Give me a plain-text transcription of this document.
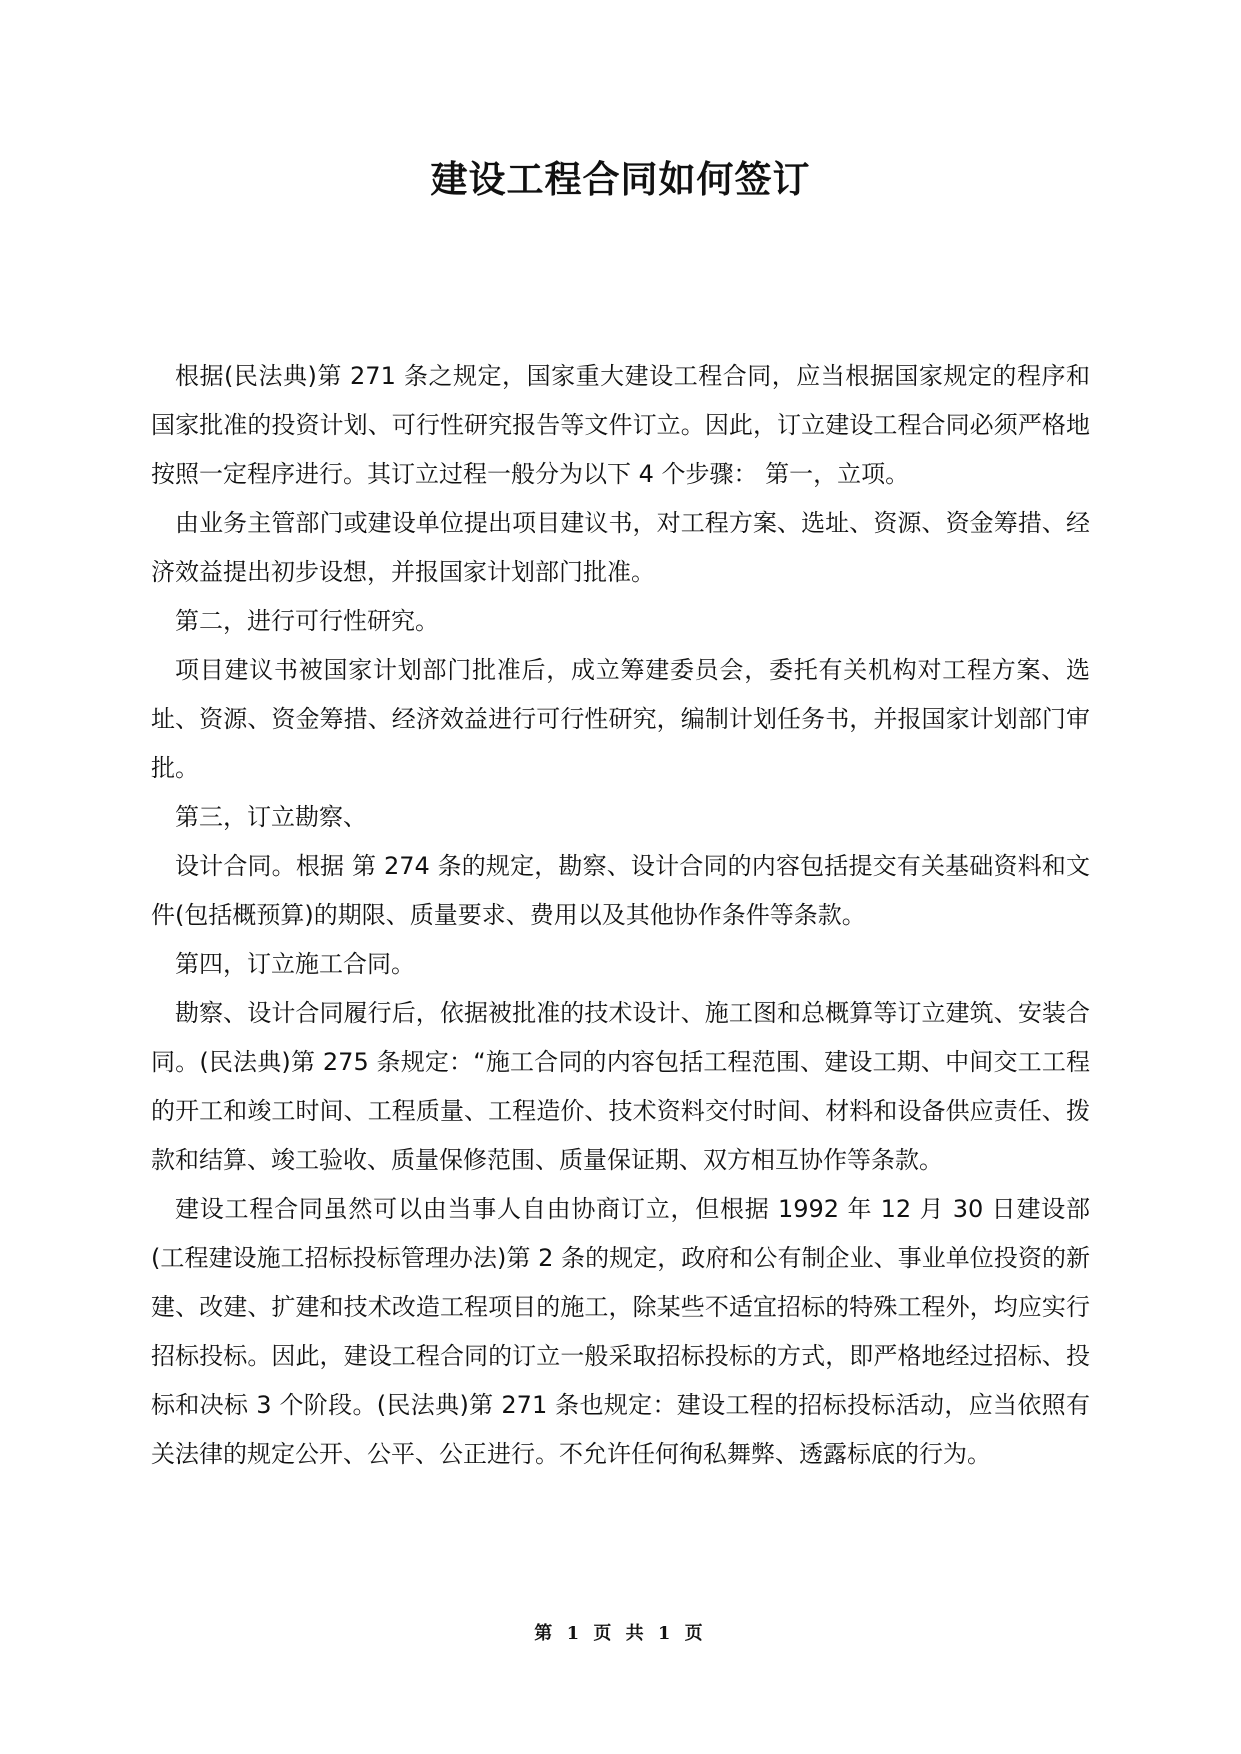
建设工程合同如何签订

根据(民法典)第 271 条之规定，国家重大建设工程合同，应当根据国家规定的程序和国家批准的投资计划、可行性研究报告等文件订立。因此，订立建设工程合同必须严格地按照一定程序进行。其订立过程一般分为以下 4 个步骤： 第一，立项。

由业务主管部门或建设单位提出项目建议书，对工程方案、选址、资源、资金筹措、经济效益提出初步设想，并报国家计划部门批准。

第二，进行可行性研究。

项目建议书被国家计划部门批准后，成立筹建委员会，委托有关机构对工程方案、选址、资源、资金筹措、经济效益进行可行性研究，编制计划任务书，并报国家计划部门审批。

第三，订立勘察、

设计合同。根据 第 274 条的规定，勘察、设计合同的内容包括提交有关基础资料和文件(包括概预算)的期限、质量要求、费用以及其他协作条件等条款。

第四，订立施工合同。

勘察、设计合同履行后，依据被批准的技术设计、施工图和总概算等订立建筑、安装合同。(民法典)第 275 条规定：“施工合同的内容包括工程范围、建设工期、中间交工工程的开工和竣工时间、工程质量、工程造价、技术资料交付时间、材料和设备供应责任、拨款和结算、竣工验收、质量保修范围、质量保证期、双方相互协作等条款。

建设工程合同虽然可以由当事人自由协商订立，但根据 1992 年 12 月 30 日建设部(工程建设施工招标投标管理办法)第 2 条的规定，政府和公有制企业、事业单位投资的新建、改建、扩建和技术改造工程项目的施工，除某些不适宜招标的特殊工程外，均应实行招标投标。因此，建设工程合同的订立一般采取招标投标的方式，即严格地经过招标、投标和决标 3 个阶段。(民法典)第 271 条也规定：建设工程的招标投标活动，应当依照有关法律的规定公开、公平、公正进行。不允许任何徇私舞弊、透露标底的行为。

第 1 页 共 1 页
